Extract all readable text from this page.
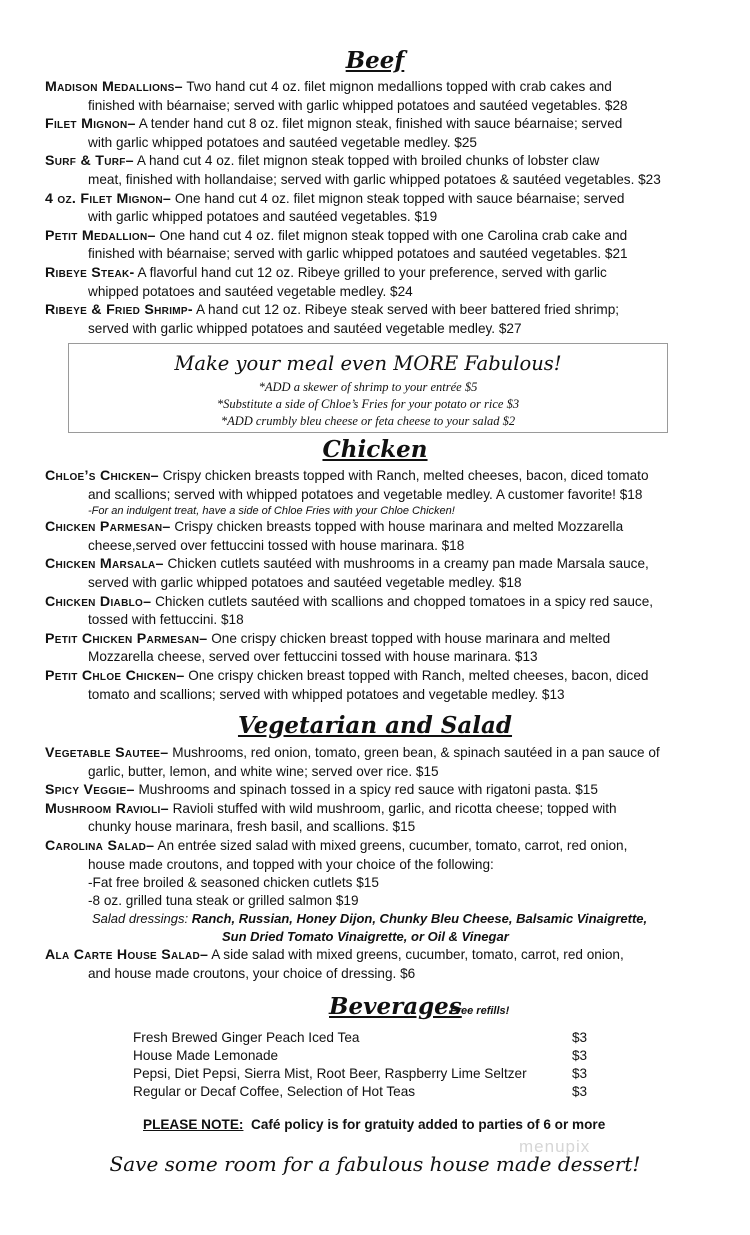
Beef
Madison Medallions– Two hand cut 4 oz. filet mignon medallions topped with crab cakes and
finished with béarnaise; served with garlic whipped potatoes and sautéed vegetables. $28
Filet Mignon– A tender hand cut 8 oz. filet mignon steak, finished with sauce béarnaise; served
with garlic whipped potatoes and sautéed vegetable medley. $25
Surf & Turf– A hand cut 4 oz. filet mignon steak topped with broiled chunks of lobster claw
meat, finished with hollandaise; served with garlic whipped potatoes & sautéed vegetables. $23
4 oz. Filet Mignon– One hand cut 4 oz. filet mignon steak topped with sauce béarnaise; served
with garlic whipped potatoes and sautéed vegetables. $19
Petit Medallion– One hand cut 4 oz. filet mignon steak topped with one Carolina crab cake and
finished with béarnaise; served with garlic whipped potatoes and sautéed vegetables. $21
Ribeye Steak- A flavorful hand cut 12 oz. Ribeye grilled to your preference, served with garlic
whipped potatoes and sautéed vegetable medley. $24
Ribeye & Fried Shrimp- A hand cut 12 oz. Ribeye steak served with beer battered fried shrimp;
served with garlic whipped potatoes and sautéed vegetable medley. $27
Make your meal even MORE Fabulous!
*ADD a skewer of shrimp to your entrée $5
*Substitute a side of Chloe’s Fries for your potato or rice $3
*ADD crumbly bleu cheese or feta cheese to your salad $2
Chicken
Chloe’s Chicken– Crispy chicken breasts topped with Ranch, melted cheeses, bacon, diced tomato
and scallions; served with whipped potatoes and vegetable medley. A customer favorite! $18
-For an indulgent treat, have a side of Chloe Fries with your Chloe Chicken!
Chicken Parmesan– Crispy chicken breasts topped with house marinara and melted Mozzarella
cheese,served over fettuccini tossed with house marinara. $18
Chicken Marsala– Chicken cutlets sautéed with mushrooms in a creamy pan made Marsala sauce,
served with garlic whipped potatoes and sautéed vegetable medley. $18
Chicken Diablo– Chicken cutlets sautéed with scallions and chopped tomatoes in a spicy red sauce,
tossed with fettuccini. $18
Petit Chicken Parmesan– One crispy chicken breast topped with house marinara and melted
Mozzarella cheese, served over fettuccini tossed with house marinara. $13
Petit Chloe Chicken– One crispy chicken breast topped with Ranch, melted cheeses, bacon, diced
tomato and scallions; served with whipped potatoes and vegetable medley. $13
Vegetarian and Salad
Vegetable Sautee– Mushrooms, red onion, tomato, green bean, & spinach sautéed in a pan sauce of
garlic, butter, lemon, and white wine; served over rice. $15
Spicy Veggie– Mushrooms and spinach tossed in a spicy red sauce with rigatoni pasta. $15
Mushroom Ravioli– Ravioli stuffed with wild mushroom, garlic, and ricotta cheese; topped with
chunky house marinara, fresh basil, and scallions. $15
Carolina Salad– An entrée sized salad with mixed greens, cucumber, tomato, carrot, red onion,
house made croutons, and topped with your choice of the following:
-Fat free broiled & seasoned chicken cutlets $15
-8 oz. grilled tuna steak or grilled salmon $19
Salad dressings: Ranch, Russian, Honey Dijon, Chunky Bleu Cheese, Balsamic Vinaigrette,
Sun Dried Tomato Vinaigrette, or Oil & Vinegar
Ala Carte House Salad– A side salad with mixed greens, cucumber, tomato, carrot, red onion,
and house made croutons, your choice of dressing. $6
Beverages
Free refills!
Fresh Brewed Ginger Peach Iced Tea	$3
House Made Lemonade	$3
Pepsi, Diet Pepsi, Sierra Mist, Root Beer, Raspberry Lime Seltzer	$3
Regular or Decaf Coffee, Selection of Hot Teas	$3
PLEASE NOTE: Café policy is for gratuity added to parties of 6 or more
menupix
Save some room for a fabulous house made dessert!
